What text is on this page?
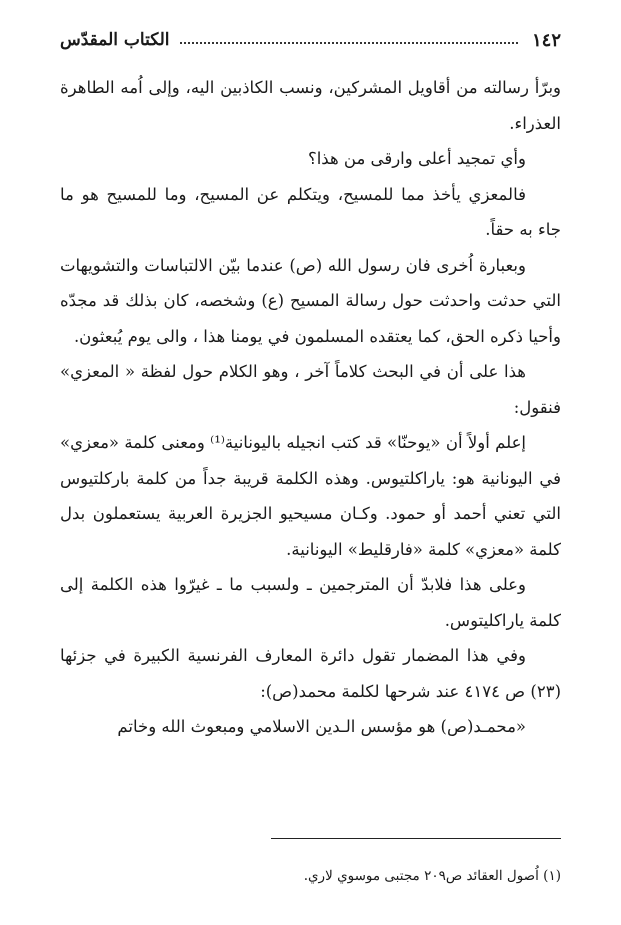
١٤٢
الكتاب المقدّس

وبرّأ رسالته من أقاويل المشركين، ونسب الكاذبين اليه، وإلى اُمه الطاهرة العذراء.

وأي تمجيد أعلى وارقى من هذا؟

فالمعزي يأخذ مما للمسيح، ويتكلم عن المسيح، وما للمسيح هو ما جاء به حقاً.

وبعبارة اُخرى فان رسول الله (ص) عندما بيّن الالتباسات والتشويهات التي حدثت واحدثت حول رسالة المسيح (ع) وشخصه، كان بذلك قد مجدّه وأحيا ذكره الحق، كما يعتقده المسلمون في يومنا هذا ، والى يوم يُبعثون.

هذا على أن في البحث كلاماً آخر ، وهو الكلام حول لفظة « المعزي» فنقول:

إعلم أولاً أن «يوحنّا» قد كتب انجيله باليونانية⁽¹⁾ ومعنى كلمة «معزي» في اليونانية هو: ياراكلتيوس. وهذه الكلمة قريبة جداً من كلمة باركلتيوس التي تعني أحمد أو حمود. وكـان مسيحيو الجزيرة العربية يستعملون بدل كلمة «معزي» كلمة «فارقليط» اليونانية.

وعلى هذا فلابدّ أن المترجمين ـ ولسبب ما ـ غيرّوا هذه الكلمة إلى كلمة ياراكليتوس.

وفي هذا المضمار تقول دائرة المعارف الفرنسية الكبيرة في جزئها (٢٣) ص ٤١٧٤ عند شرحها لكلمة محمد(ص):

«محمـد(ص) هو مؤسس الـدين الاسلامي ومبعوث الله وخاتم

(١) اُصول العقائد ص٢٠٩ مجتبى موسوي لاري.
